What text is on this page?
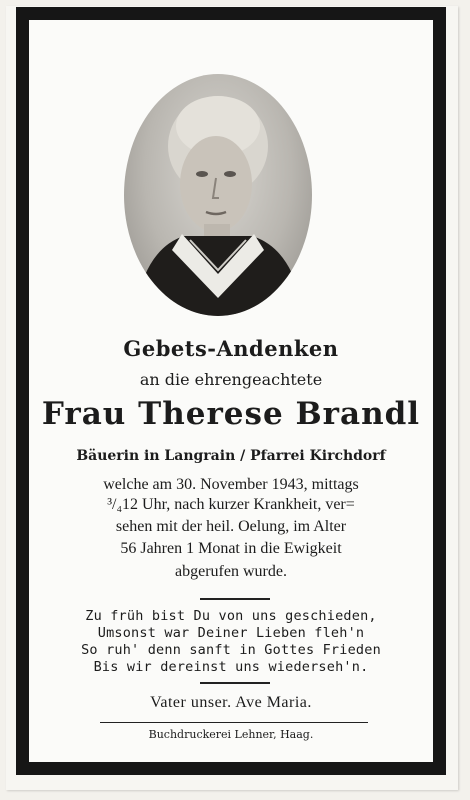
Gebets-Andenken
an die ehrengeachtete
Frau Therese Brandl
Bäuerin in Langrain / Pfarrei Kirchdorf
welche am 30. November 1943, mittags
³/₄12 Uhr, nach kurzer Krankheit, ver=
sehen mit der heil. Oelung, im Alter
56 Jahren 1 Monat in die Ewigkeit
abgerufen wurde.
Zu früh bist Du von uns geschieden,
Umsonst war Deiner Lieben fleh'n
So ruh' denn sanft in Gottes Frieden
Bis wir dereinst uns wiederseh'n.
Vater unser. Ave Maria.
Buchdruckerei Lehner, Haag.
